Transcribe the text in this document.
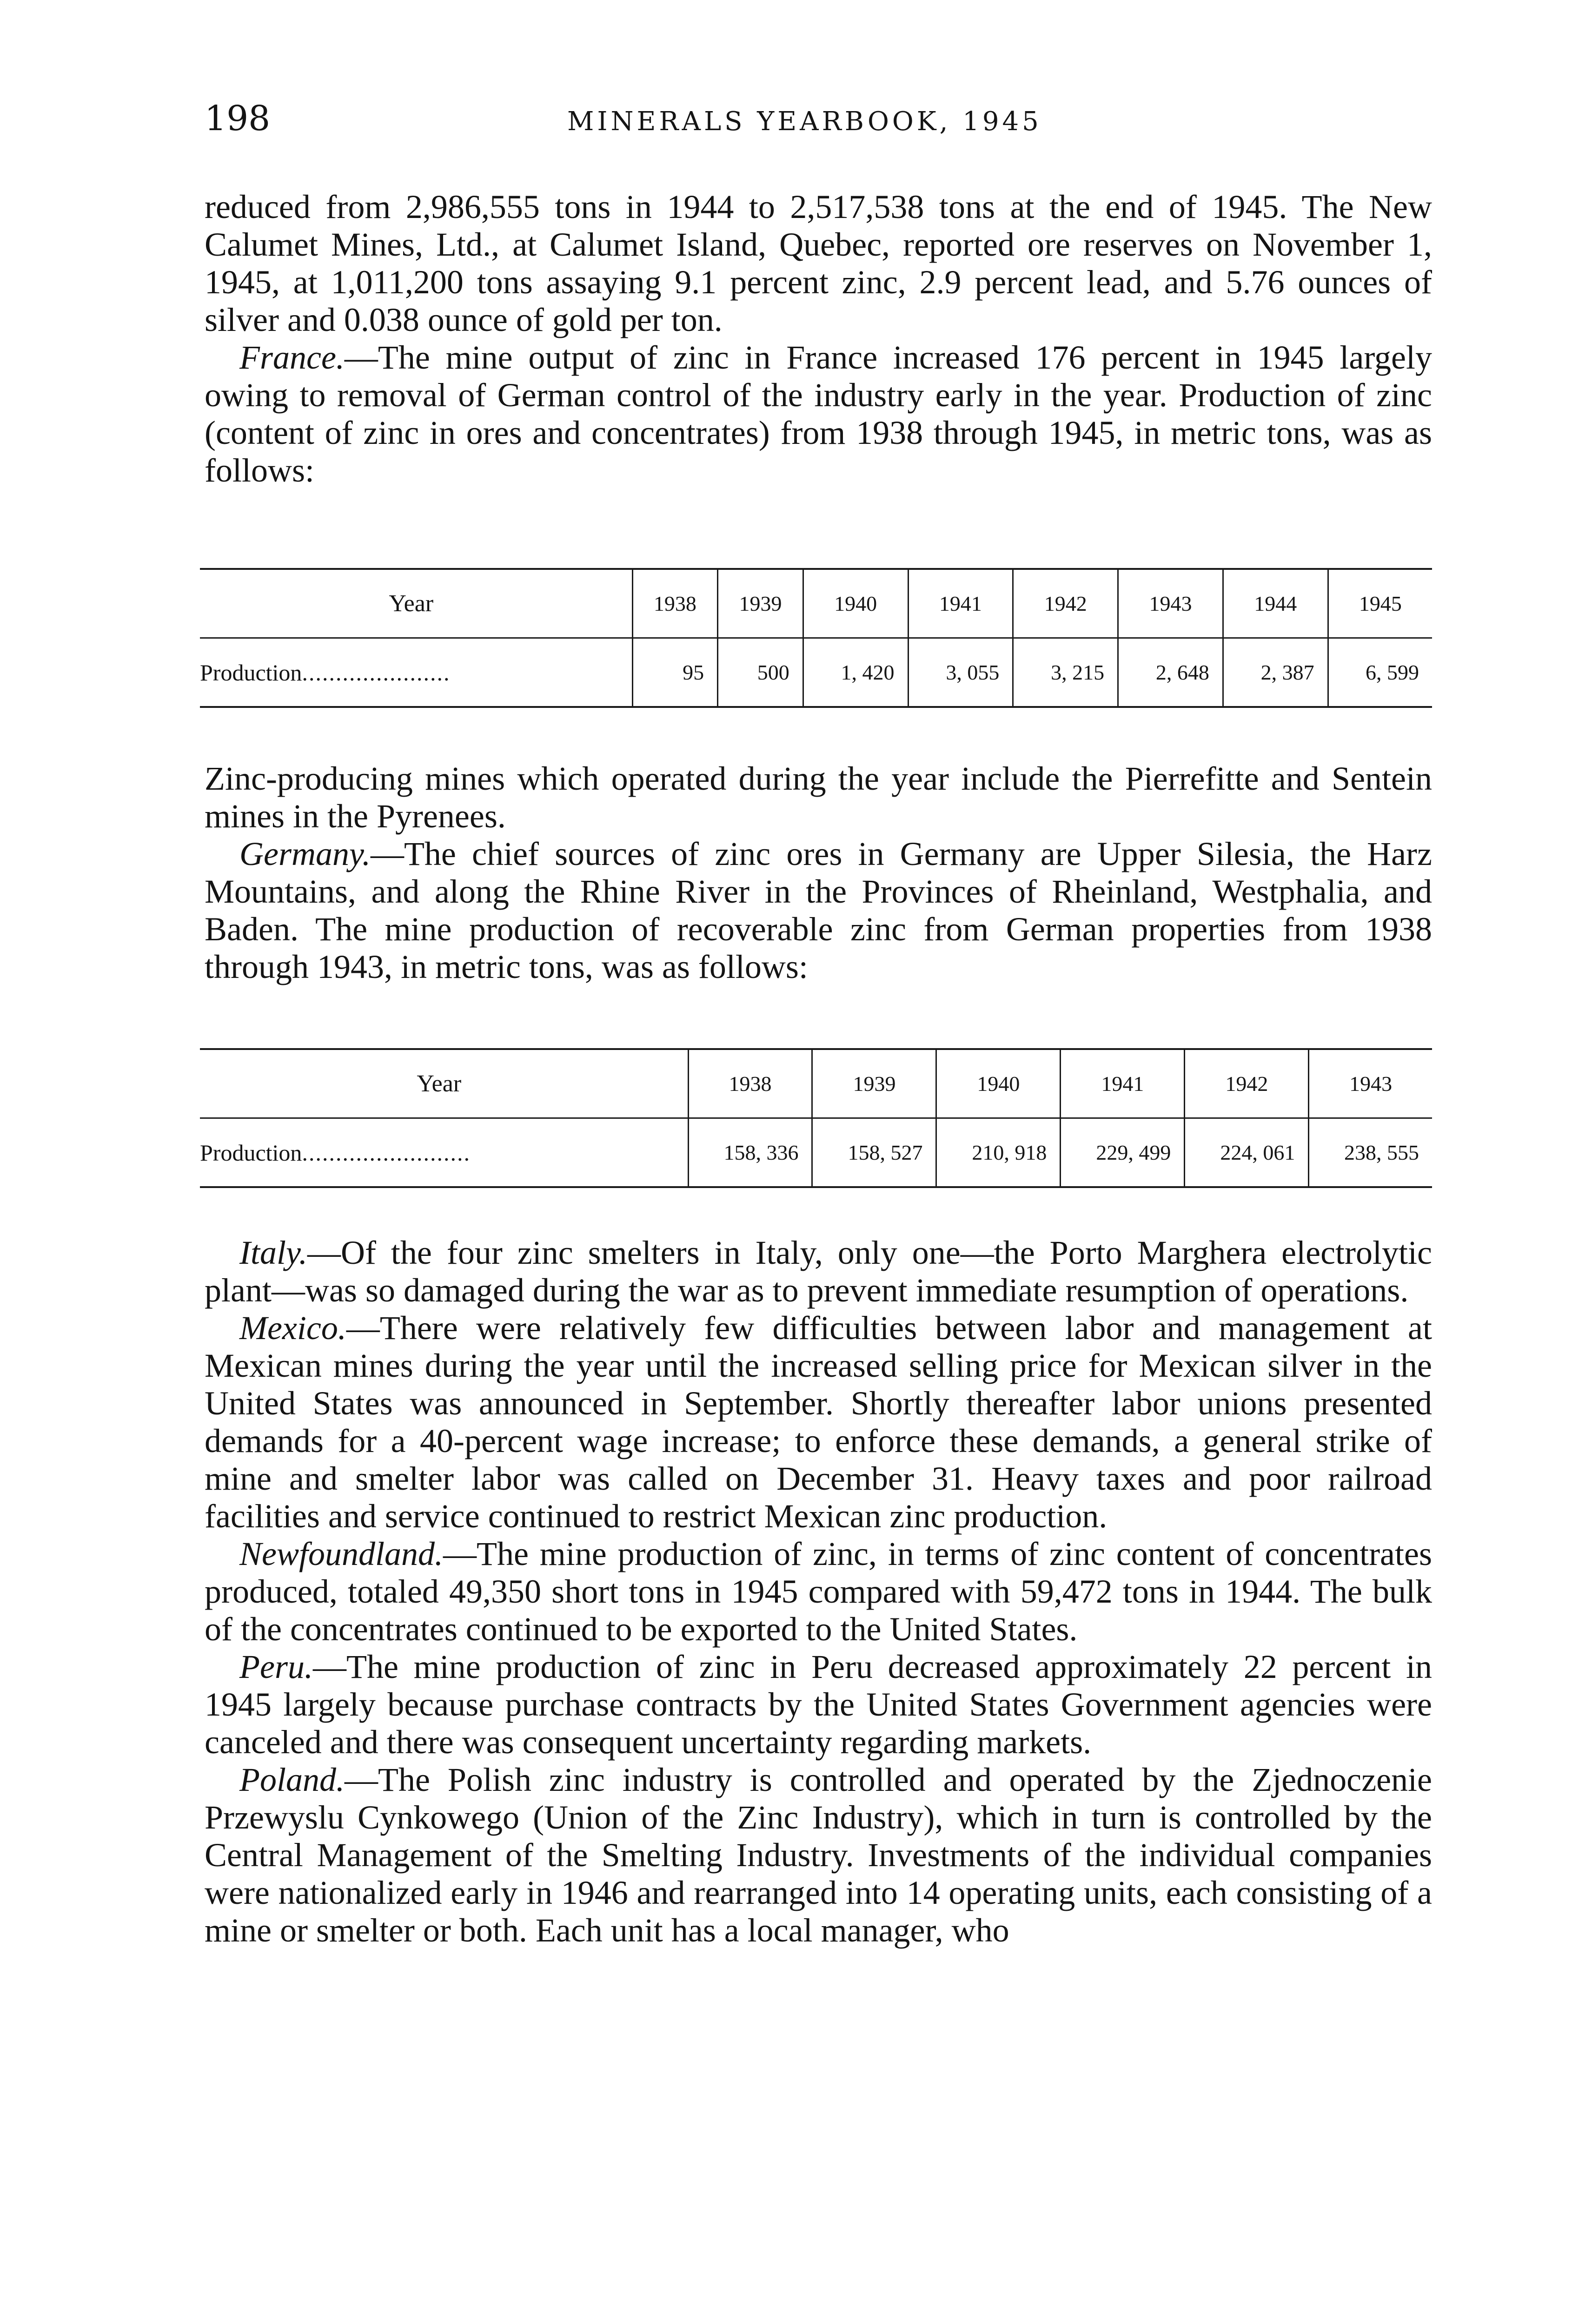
198	MINERALS YEARBOOK, 1945

reduced from 2,986,555 tons in 1944 to 2,517,538 tons at the end of 1945. The New Calumet Mines, Ltd., at Calumet Island, Quebec, reported ore reserves on November 1, 1945, at 1,011,200 tons assaying 9.1 percent zinc, 2.9 percent lead, and 5.76 ounces of silver and 0.038 ounce of gold per ton.

France.—The mine output of zinc in France increased 176 percent in 1945 largely owing to removal of German control of the industry early in the year. Production of zinc (content of zinc in ores and concentrates) from 1938 through 1945, in metric tons, was as follows:

Year	1938	1939	1940	1941	1942	1943	1944	1945
Production......................	95	500	1, 420	3, 055	3, 215	2, 648	2, 387	6, 599

Zinc-producing mines which operated during the year include the Pierrefitte and Sentein mines in the Pyrenees.

Germany.—The chief sources of zinc ores in Germany are Upper Silesia, the Harz Mountains, and along the Rhine River in the Provinces of Rheinland, Westphalia, and Baden. The mine production of recoverable zinc from German properties from 1938 through 1943, in metric tons, was as follows:

Year	1938	1939	1940	1941	1942	1943
Production.........................	158, 336	158, 527	210, 918	229, 499	224, 061	238, 555

Italy.—Of the four zinc smelters in Italy, only one—the Porto Marghera electrolytic plant—was so damaged during the war as to prevent immediate resumption of operations.

Mexico.—There were relatively few difficulties between labor and management at Mexican mines during the year until the increased selling price for Mexican silver in the United States was announced in September. Shortly thereafter labor unions presented demands for a 40-percent wage increase; to enforce these demands, a general strike of mine and smelter labor was called on December 31. Heavy taxes and poor railroad facilities and service continued to restrict Mexican zinc production.

Newfoundland.—The mine production of zinc, in terms of zinc content of concentrates produced, totaled 49,350 short tons in 1945 compared with 59,472 tons in 1944. The bulk of the concentrates continued to be exported to the United States.

Peru.—The mine production of zinc in Peru decreased approximately 22 percent in 1945 largely because purchase contracts by the United States Government agencies were canceled and there was consequent uncertainty regarding markets.

Poland.—The Polish zinc industry is controlled and operated by the Zjednoczenie Przewyslu Cynkowego (Union of the Zinc Industry), which in turn is controlled by the Central Management of the Smelting Industry. Investments of the individual companies were nationalized early in 1946 and rearranged into 14 operating units, each consisting of a mine or smelter or both. Each unit has a local manager, who
